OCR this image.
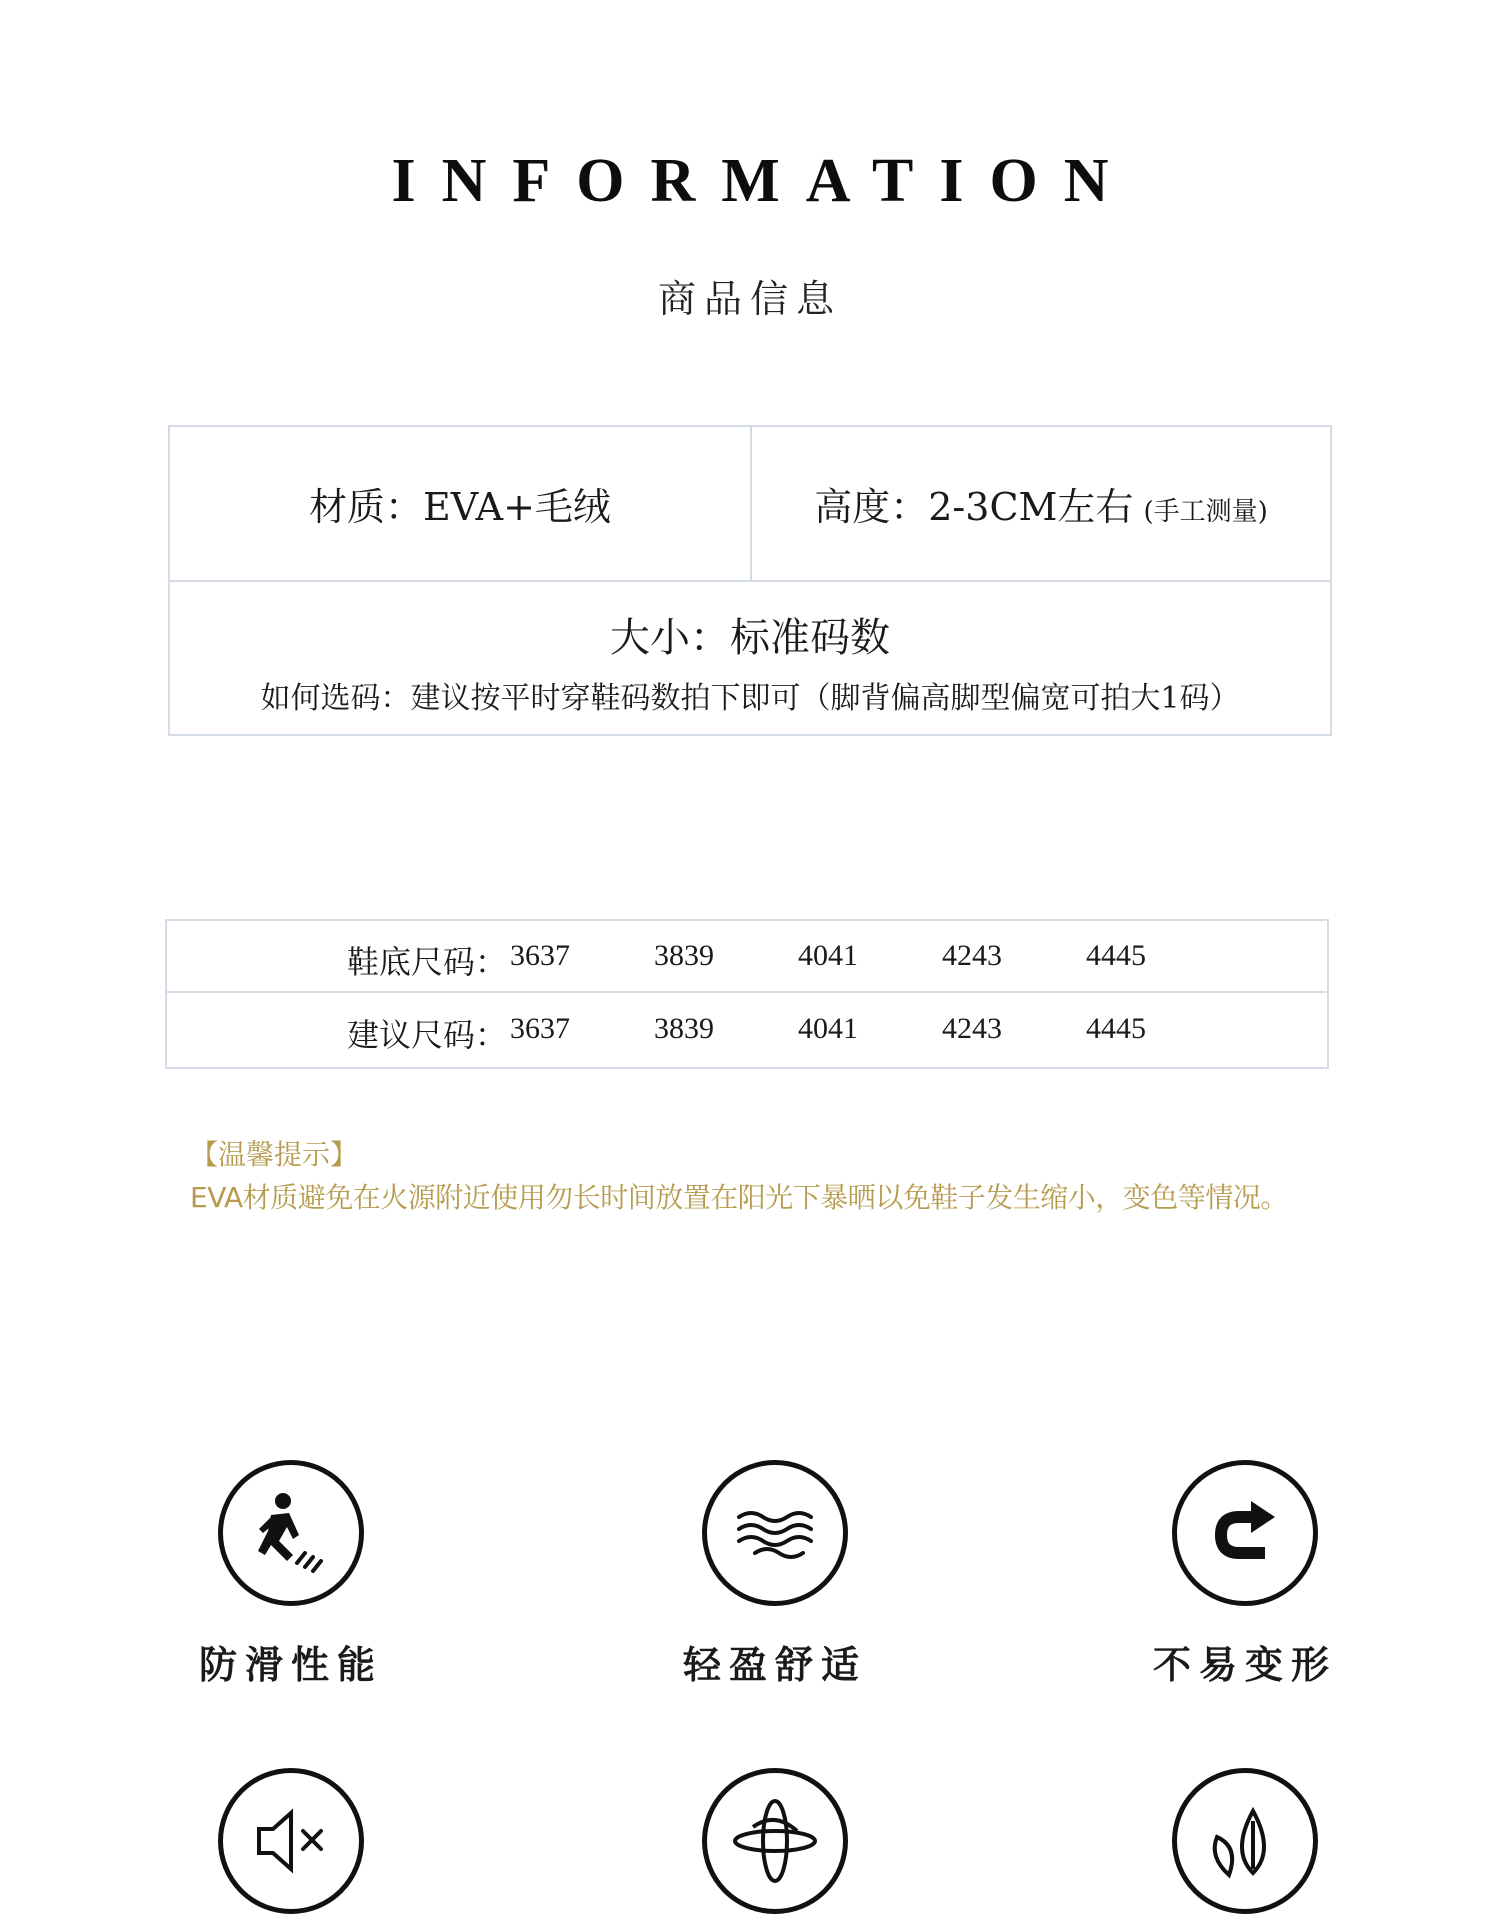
INFORMATION
商品信息
材质：EVA+毛绒	高度：2-3CM左右 (手工测量)
大小：标准码数
如何选码：建议按平时穿鞋码数拍下即可（脚背偏高脚型偏宽可拍大1码）
鞋底尺码： 3637	3839	4041	4243	4445
建议尺码： 3637	3839	4041	4243	4445
【温馨提示】
EVA材质避免在火源附近使用勿长时间放置在阳光下暴晒以免鞋子发生缩小，变色等情况。
防滑性能	轻盈舒适	不易变形
